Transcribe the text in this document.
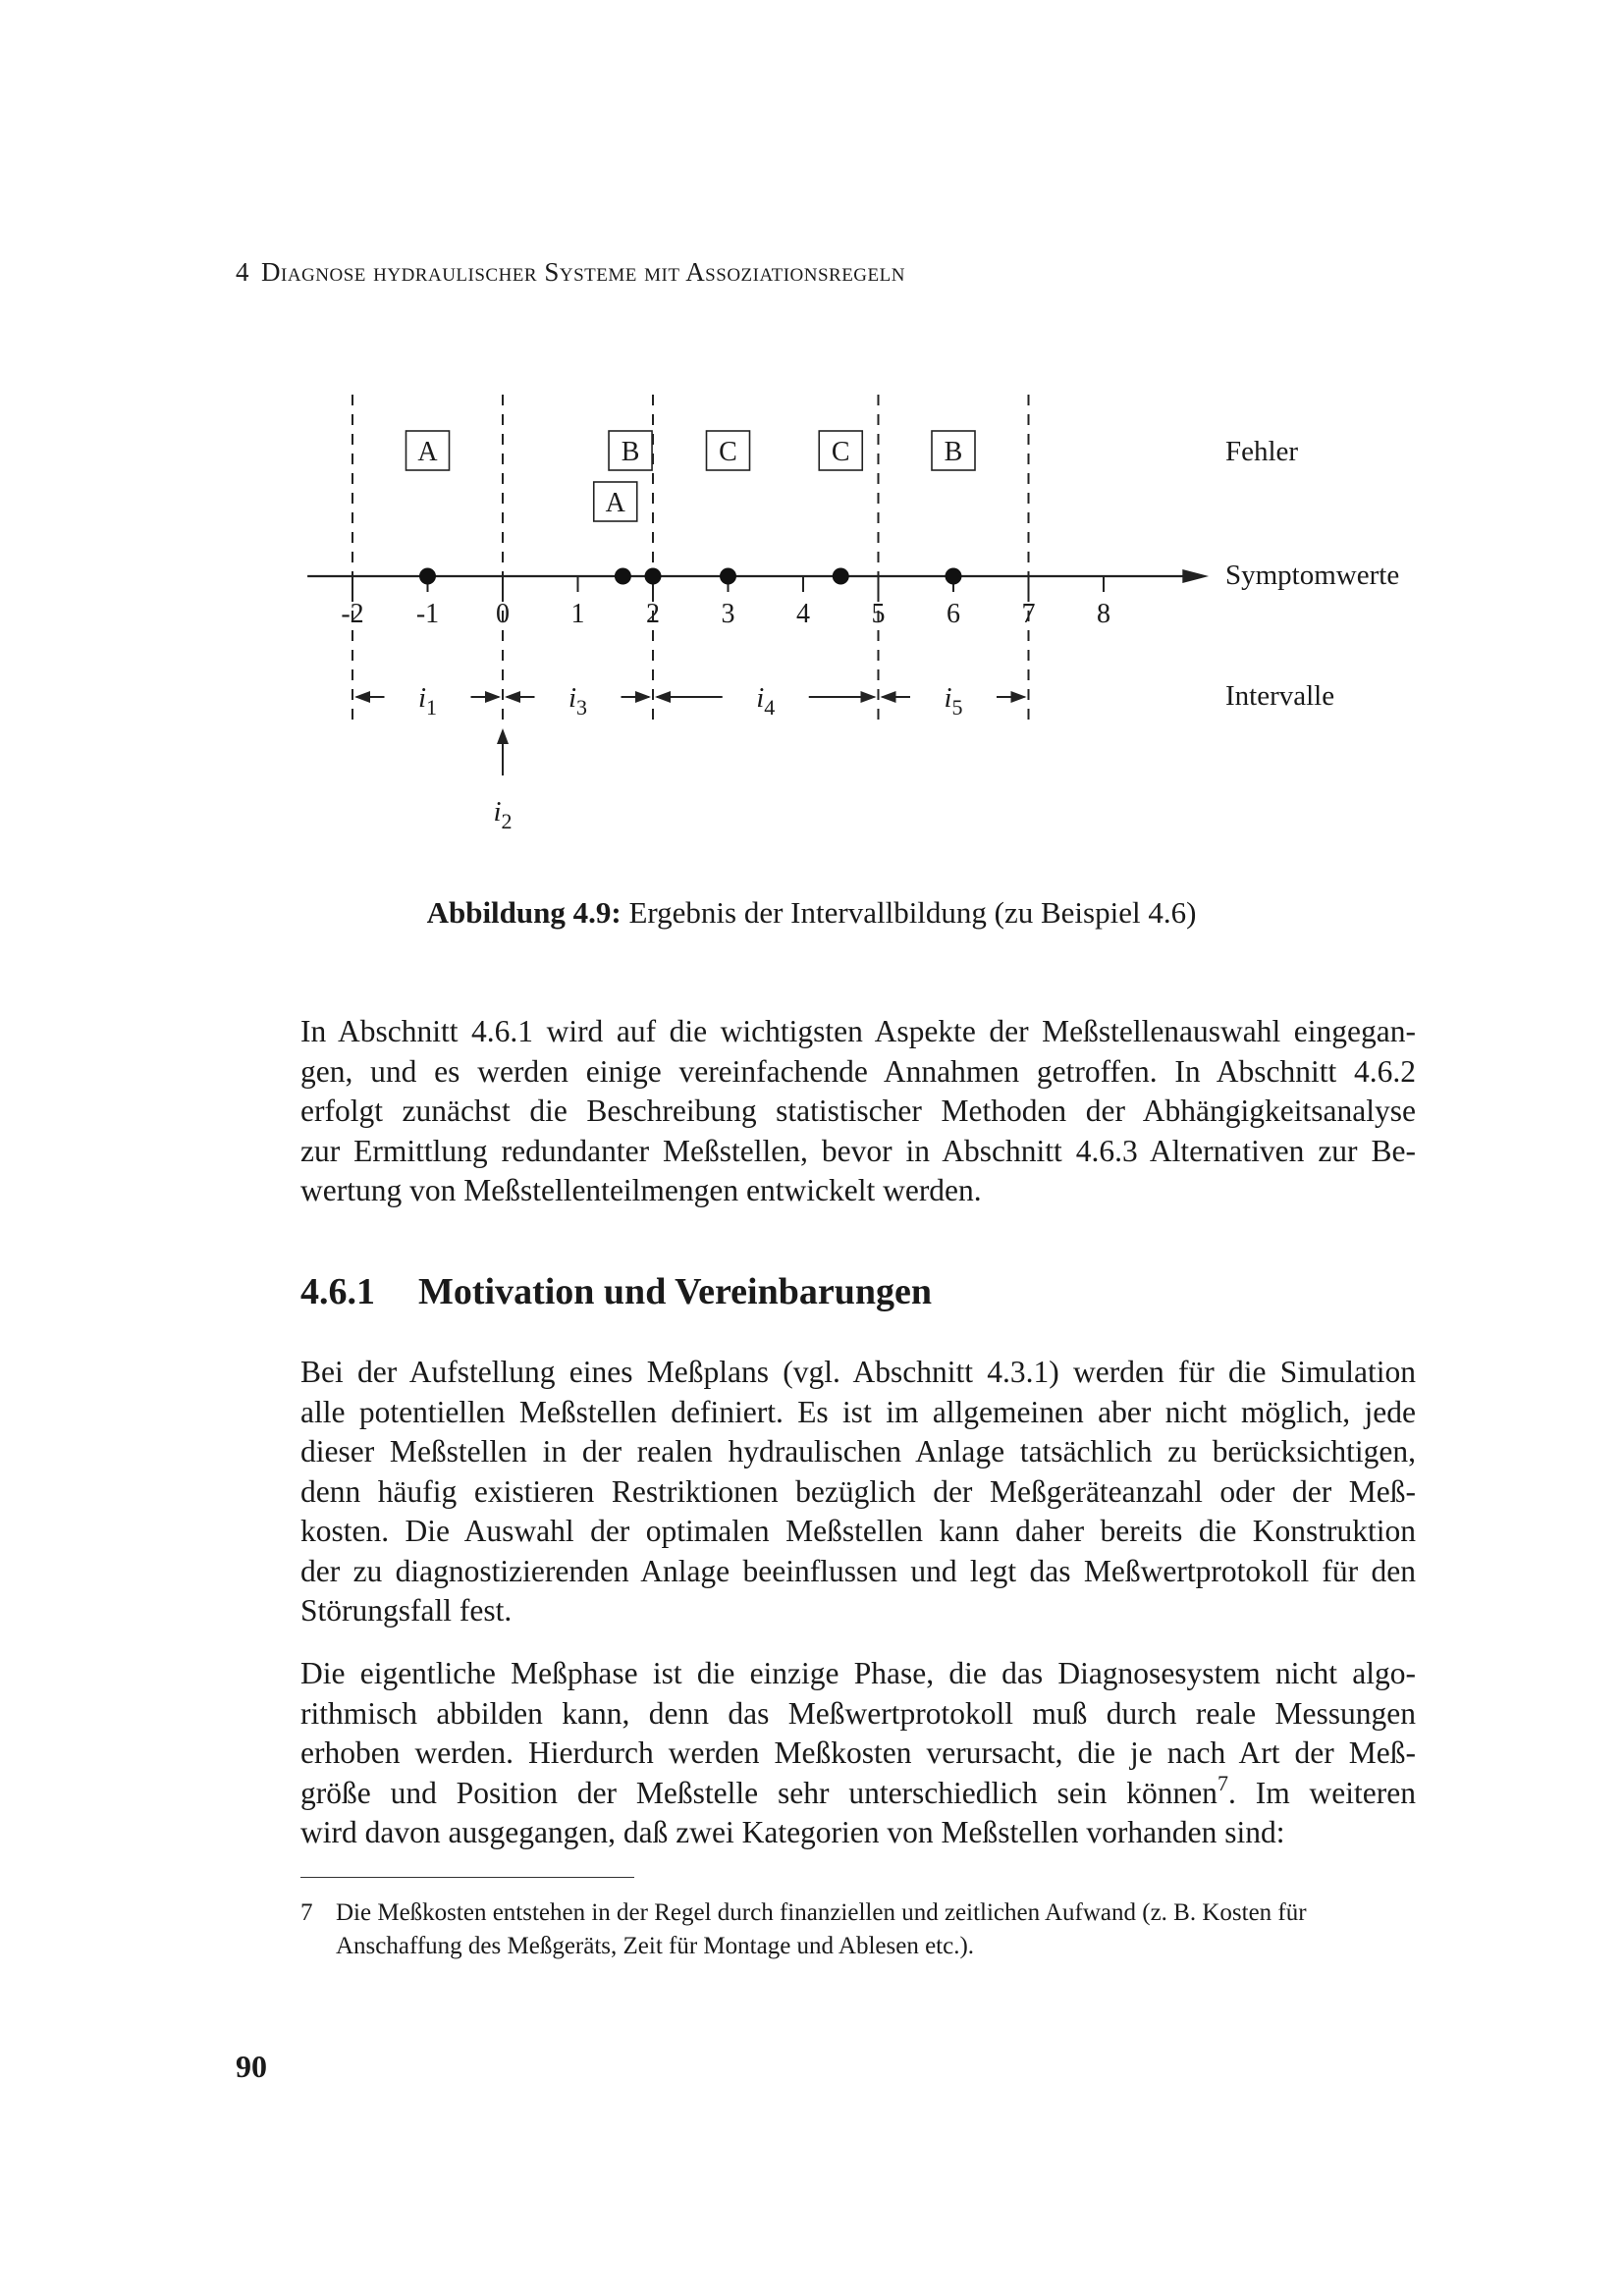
4 Diagnose hydraulischer Systeme mit Assoziationsregeln
-2 -1 0 1 2 3 4 5 6 7 8
A	B
A
C	C	B
$i_1$	$i_3$	$i_4$	$i_5$
$i_2$
Fehler
Symptomwerte
Intervalle
Abbildung 4.9: Ergebnis der Intervallbildung (zu Beispiel 4.6)
In Abschnitt 4.6.1 wird auf die wichtigsten Aspekte der Meßstellenauswahl eingegan-
gen, und es werden einige vereinfachende Annahmen getroffen. In Abschnitt 4.6.2
erfolgt zunächst die Beschreibung statistischer Methoden der Abhängigkeitsanalyse
zur Ermittlung redundanter Meßstellen, bevor in Abschnitt 4.6.3 Alternativen zur Be-
wertung von Meßstellenteilmengen entwickelt werden.
4.6.1 Motivation und Vereinbarungen
Bei der Aufstellung eines Meßplans (vgl. Abschnitt 4.3.1) werden für die Simulation
alle potentiellen Meßstellen definiert. Es ist im allgemeinen aber nicht möglich, jede
dieser Meßstellen in der realen hydraulischen Anlage tatsächlich zu berücksichtigen,
denn häufig existieren Restriktionen bezüglich der Meßgeräteanzahl oder der Meß-
kosten. Die Auswahl der optimalen Meßstellen kann daher bereits die Konstruktion
der zu diagnostizierenden Anlage beeinflussen und legt das Meßwertprotokoll für den
Störungsfall fest.
Die eigentliche Meßphase ist die einzige Phase, die das Diagnosesystem nicht algo-
rithmisch abbilden kann, denn das Meßwertprotokoll muß durch reale Messungen
erhoben werden. Hierdurch werden Meßkosten verursacht, die je nach Art der Meß-
größe und Position der Meßstelle sehr unterschiedlich sein können$^7$. Im weiteren
wird davon ausgegangen, daß zwei Kategorien von Meßstellen vorhanden sind:
7 Die Meßkosten entstehen in der Regel durch finanziellen und zeitlichen Aufwand (z. B. Kosten für Anschaffung des Meßgeräts, Zeit für Montage und Ablesen etc.).
90
